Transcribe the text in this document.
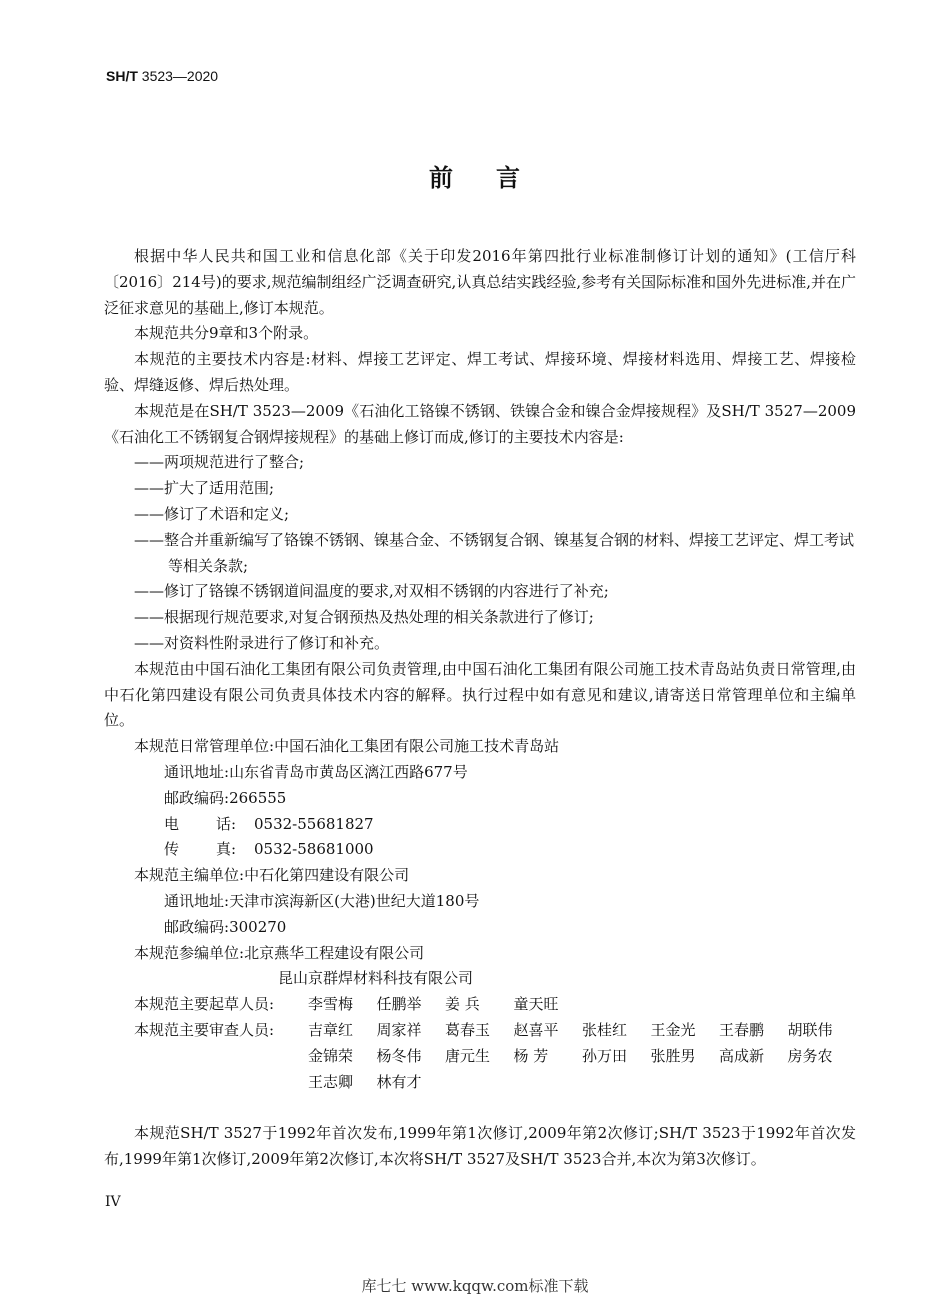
SH/T 3523—2020
前 言
根据中华人民共和国工业和信息化部《关于印发2016年第四批行业标准制修订计划的通知》(工信厅科〔2016〕214号)的要求,规范编制组经广泛调查研究,认真总结实践经验,参考有关国际标准和国外先进标准,并在广泛征求意见的基础上,修订本规范。
本规范共分9章和3个附录。
本规范的主要技术内容是:材料、焊接工艺评定、焊工考试、焊接环境、焊接材料选用、焊接工艺、焊接检验、焊缝返修、焊后热处理。
本规范是在SH/T 3523—2009《石油化工铬镍不锈钢、铁镍合金和镍合金焊接规程》及SH/T 3527—2009《石油化工不锈钢复合钢焊接规程》的基础上修订而成,修订的主要技术内容是:
——两项规范进行了整合;
——扩大了适用范围;
——修订了术语和定义;
——整合并重新编写了铬镍不锈钢、镍基合金、不锈钢复合钢、镍基复合钢的材料、焊接工艺评定、焊工考试等相关条款;
——修订了铬镍不锈钢道间温度的要求,对双相不锈钢的内容进行了补充;
——根据现行规范要求,对复合钢预热及热处理的相关条款进行了修订;
——对资料性附录进行了修订和补充。
本规范由中国石油化工集团有限公司负责管理,由中国石油化工集团有限公司施工技术青岛站负责日常管理,由中石化第四建设有限公司负责具体技术内容的解释。执行过程中如有意见和建议,请寄送日常管理单位和主编单位。
本规范日常管理单位:中国石油化工集团有限公司施工技术青岛站
通讯地址:山东省青岛市黄岛区漓江西路677号
邮政编码:266555
电 话: 0532-55681827
传 真: 0532-58681000
本规范主编单位:中石化第四建设有限公司
通讯地址:天津市滨海新区(大港)世纪大道180号
邮政编码:300270
本规范参编单位:北京燕华工程建设有限公司
昆山京群焊材料科技有限公司
本规范主要起草人员: 李雪梅	任鹏举	姜 兵	童天旺
本规范主要审查人员: 吉章红	周家祥	葛春玉	赵喜平	张桂红	王金光	王春鹏	胡联伟
金锦荣	杨冬伟	唐元生	杨 芳	孙万田	张胜男	高成新	房务农
王志卿	林有才
本规范SH/T 3527于1992年首次发布,1999年第1次修订,2009年第2次修订;SH/T 3523于1992年首次发布,1999年第1次修订,2009年第2次修订,本次将SH/T 3527及SH/T 3523合并,本次为第3次修订。
IV
库七七 www.kqqw.com标准下载
